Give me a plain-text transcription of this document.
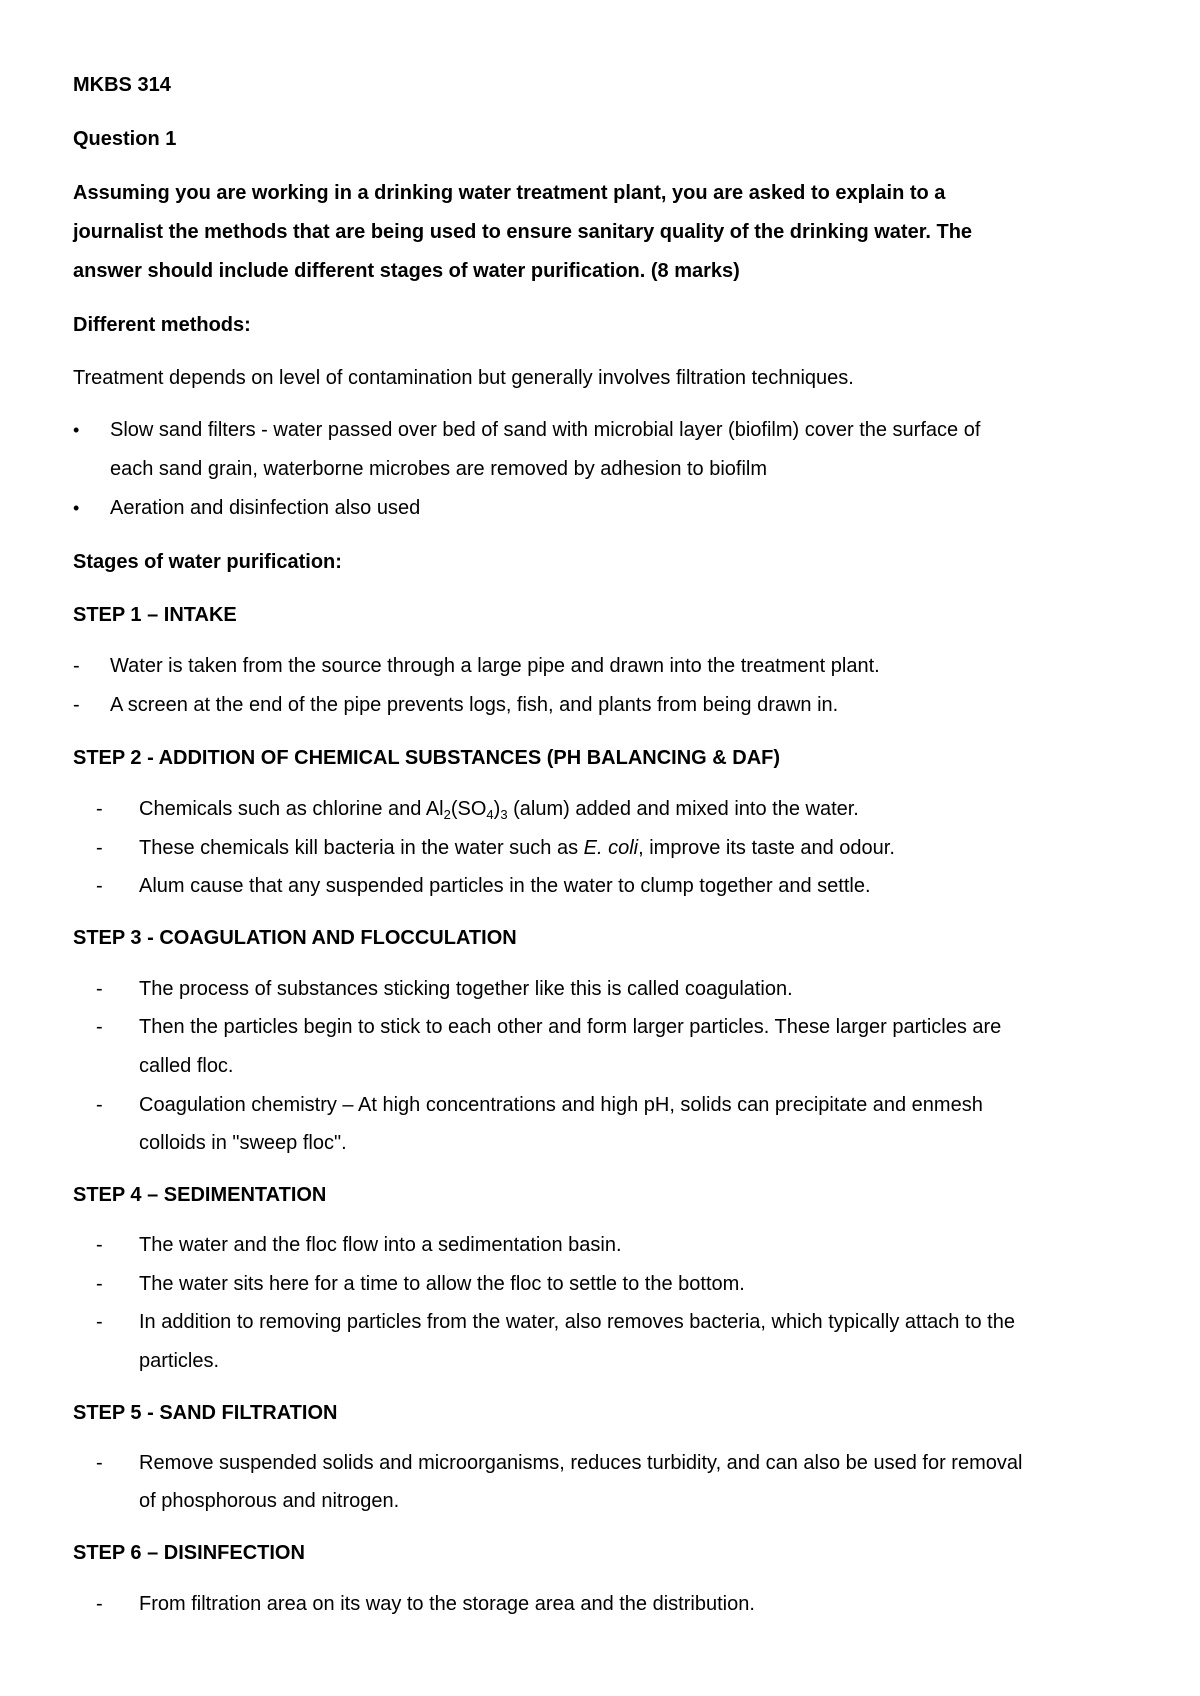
MKBS 314
Question 1
Assuming you are working in a drinking water treatment plant, you are asked to explain to a
journalist the methods that are being used to ensure sanitary quality of the drinking water. The
answer should include different stages of water purification. (8 marks)
Different methods:
Treatment depends on level of contamination but generally involves filtration techniques.
• Slow sand filters - water passed over bed of sand with microbial layer (biofilm) cover the surface of
each sand grain, waterborne microbes are removed by adhesion to biofilm
• Aeration and disinfection also used
Stages of water purification:
STEP 1 – INTAKE
- Water is taken from the source through a large pipe and drawn into the treatment plant.
- A screen at the end of the pipe prevents logs, fish, and plants from being drawn in.
STEP 2 - ADDITION OF CHEMICAL SUBSTANCES (PH BALANCING & DAF)
- Chemicals such as chlorine and $Al_2(SO_4)_3$ (alum) added and mixed into the water.
- These chemicals kill bacteria in the water such as E. coli, improve its taste and odour.
- Alum cause that any suspended particles in the water to clump together and settle.
STEP 3 - COAGULATION AND FLOCCULATION
- The process of substances sticking together like this is called coagulation.
- Then the particles begin to stick to each other and form larger particles. These larger particles are
called floc.
- Coagulation chemistry – At high concentrations and high pH, solids can precipitate and enmesh
colloids in "sweep floc".
STEP 4 – SEDIMENTATION
- The water and the floc flow into a sedimentation basin.
- The water sits here for a time to allow the floc to settle to the bottom.
- In addition to removing particles from the water, also removes bacteria, which typically attach to the
particles.
STEP 5 - SAND FILTRATION
- Remove suspended solids and microorganisms, reduces turbidity, and can also be used for removal
of phosphorous and nitrogen.
STEP 6 – DISINFECTION
- From filtration area on its way to the storage area and the distribution.
